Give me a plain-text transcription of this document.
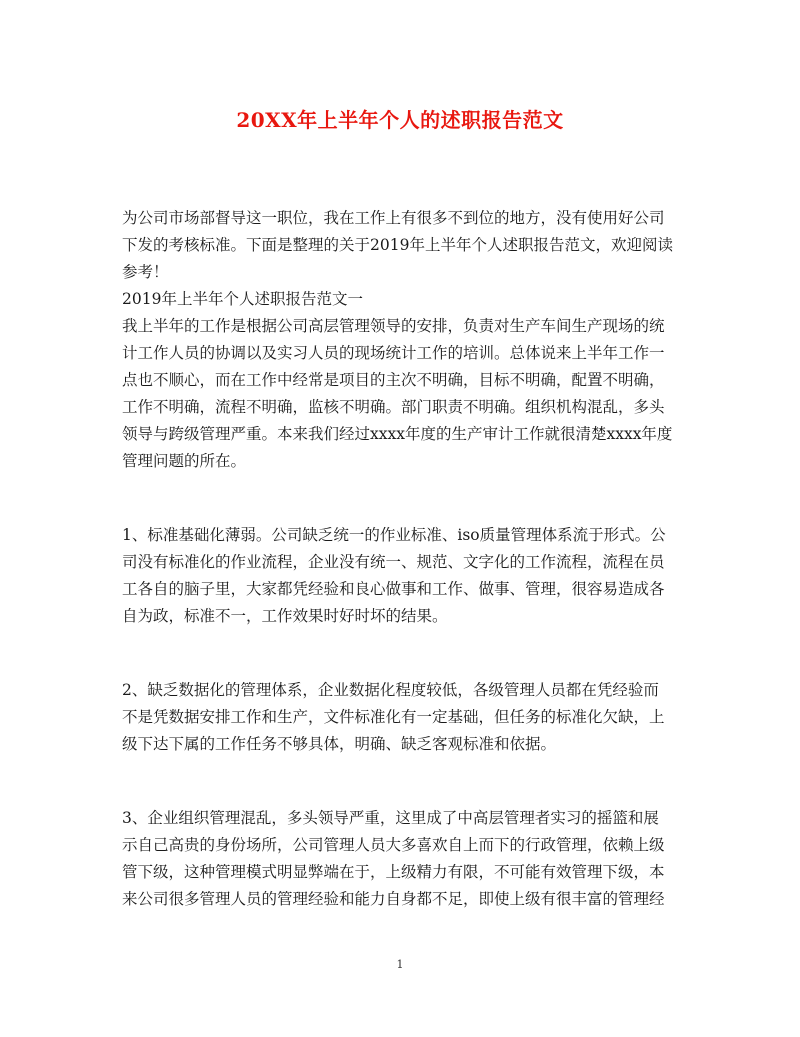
20XX年上半年个人的述职报告范文
为公司市场部督导这一职位，我在工作上有很多不到位的地方，没有使用好公司
下发的考核标准。下面是整理的关于2019年上半年个人述职报告范文，欢迎阅读
参考！
2019年上半年个人述职报告范文一
我上半年的工作是根据公司高层管理领导的安排，负责对生产车间生产现场的统
计工作人员的协调以及实习人员的现场统计工作的培训。总体说来上半年工作一
点也不顺心，而在工作中经常是项目的主次不明确，目标不明确，配置不明确，
工作不明确，流程不明确，监核不明确。部门职责不明确。组织机构混乱，多头
领导与跨级管理严重。本来我们经过xxxx年度的生产审计工作就很清楚xxxx年度
管理问题的所在。
1、标准基础化薄弱。公司缺乏统一的作业标准、iso质量管理体系流于形式。公
司没有标准化的作业流程，企业没有统一、规范、文字化的工作流程，流程在员
工各自的脑子里，大家都凭经验和良心做事和工作、做事、管理，很容易造成各
自为政，标准不一，工作效果时好时坏的结果。
2、缺乏数据化的管理体系，企业数据化程度较低，各级管理人员都在凭经验而
不是凭数据安排工作和生产，文件标准化有一定基础，但任务的标准化欠缺，上
级下达下属的工作任务不够具体，明确、缺乏客观标准和依据。
3、企业组织管理混乱，多头领导严重，这里成了中高层管理者实习的摇篮和展
示自己高贵的身份场所，公司管理人员大多喜欢自上而下的行政管理，依赖上级
管下级，这种管理模式明显弊端在于，上级精力有限，不可能有效管理下级，本
来公司很多管理人员的管理经验和能力自身都不足，即使上级有很丰富的管理经
1
